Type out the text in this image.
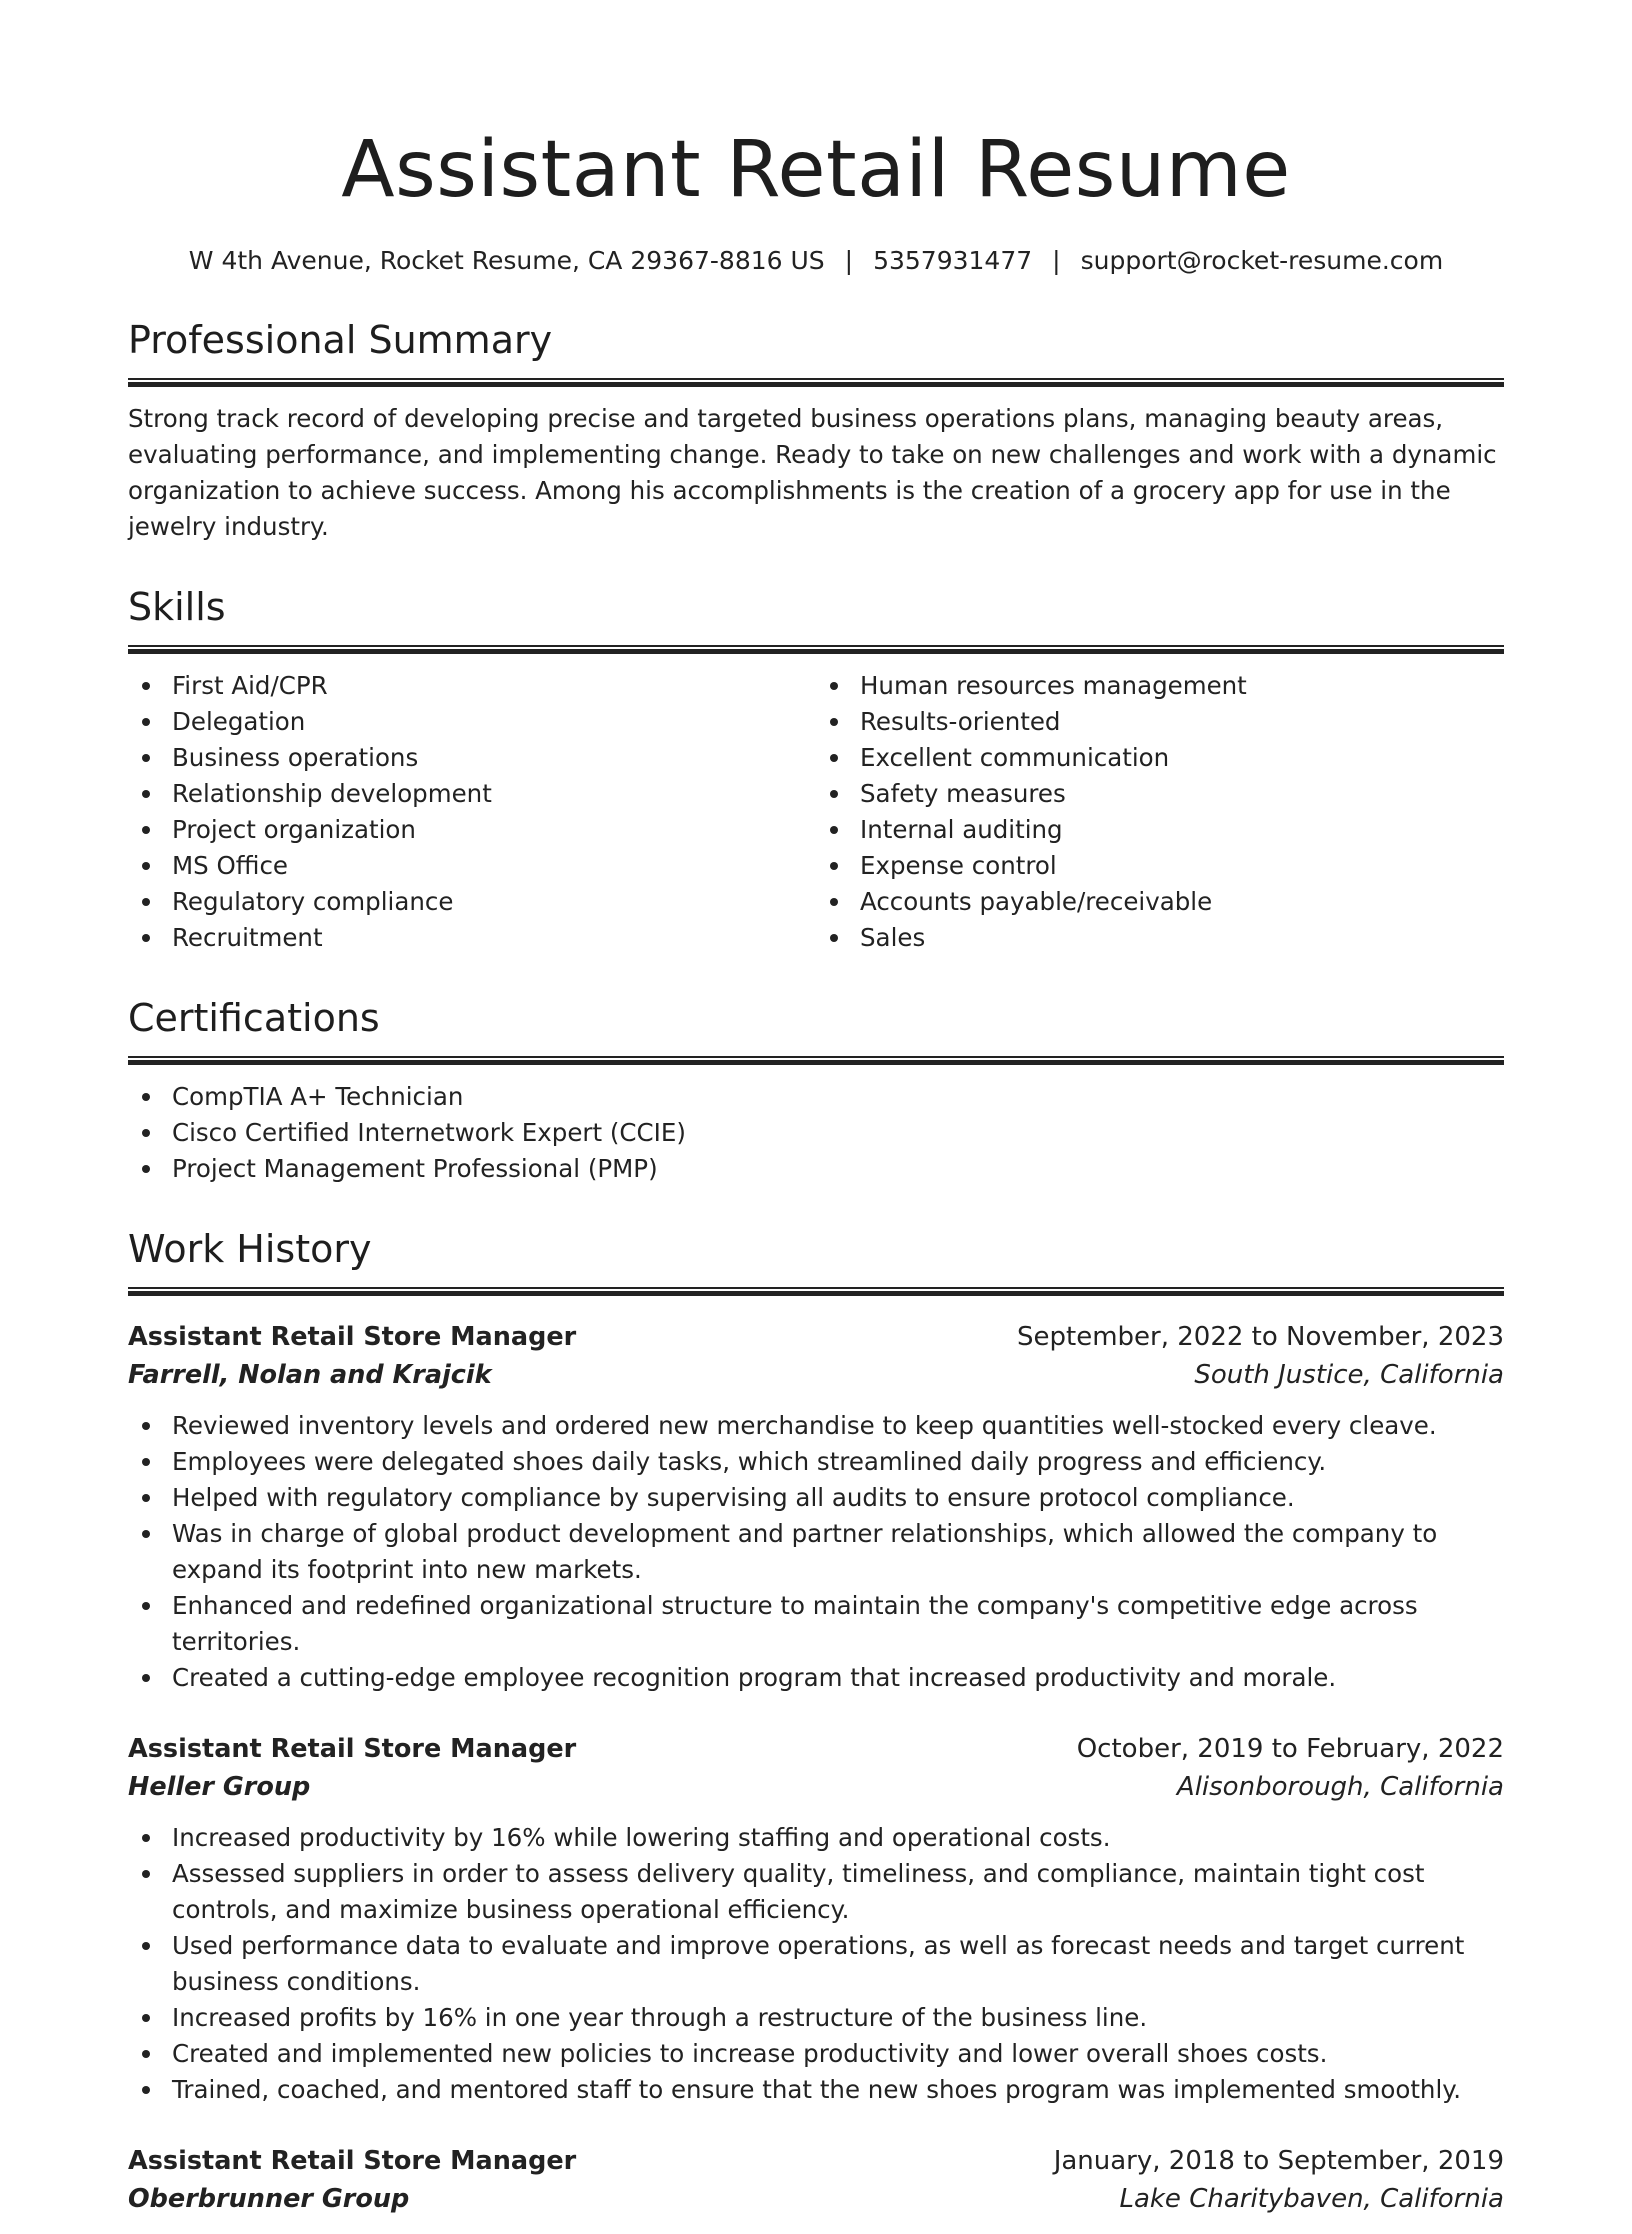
Assistant Retail Resume
W 4th Avenue, Rocket Resume, CA 29367-8816 US | 5357931477 | support@rocket-resume.com
Professional Summary

Strong track record of developing precise and targeted business operations plans, managing beauty areas, evaluating performance, and implementing change. Ready to take on new challenges and work with a dynamic organization to achieve success. Among his accomplishments is the creation of a grocery app for use in the jewelry industry.

Skills
First Aid/CPR
Delegation
Business operations
Relationship development
Project organization
MS Office
Regulatory compliance
Recruitment
Human resources management
Results-oriented
Excellent communication
Safety measures
Internal auditing
Expense control
Accounts payable/receivable
Sales
Certifications
CompTIA A+ Technician
Cisco Certified Internetwork Expert (CCIE)
Project Management Professional (PMP)
Work History
Assistant Retail Store Manager	September, 2022 to November, 2023
Farrell, Nolan and Krajcik	South Justice, California
Reviewed inventory levels and ordered new merchandise to keep quantities well-stocked every cleave.
Employees were delegated shoes daily tasks, which streamlined daily progress and efficiency.
Helped with regulatory compliance by supervising all audits to ensure protocol compliance.
Was in charge of global product development and partner relationships, which allowed the company to expand its footprint into new markets.
Enhanced and redefined organizational structure to maintain the company's competitive edge across territories.
Created a cutting-edge employee recognition program that increased productivity and morale.
Assistant Retail Store Manager	October, 2019 to February, 2022
Heller Group	Alisonborough, California
Increased productivity by 16% while lowering staffing and operational costs.
Assessed suppliers in order to assess delivery quality, timeliness, and compliance, maintain tight cost controls, and maximize business operational efficiency.
Used performance data to evaluate and improve operations, as well as forecast needs and target current business conditions.
Increased profits by 16% in one year through a restructure of the business line.
Created and implemented new policies to increase productivity and lower overall shoes costs.
Trained, coached, and mentored staff to ensure that the new shoes program was implemented smoothly.
Assistant Retail Store Manager	January, 2018 to September, 2019
Oberbrunner Group	Lake Charitybaven, California
